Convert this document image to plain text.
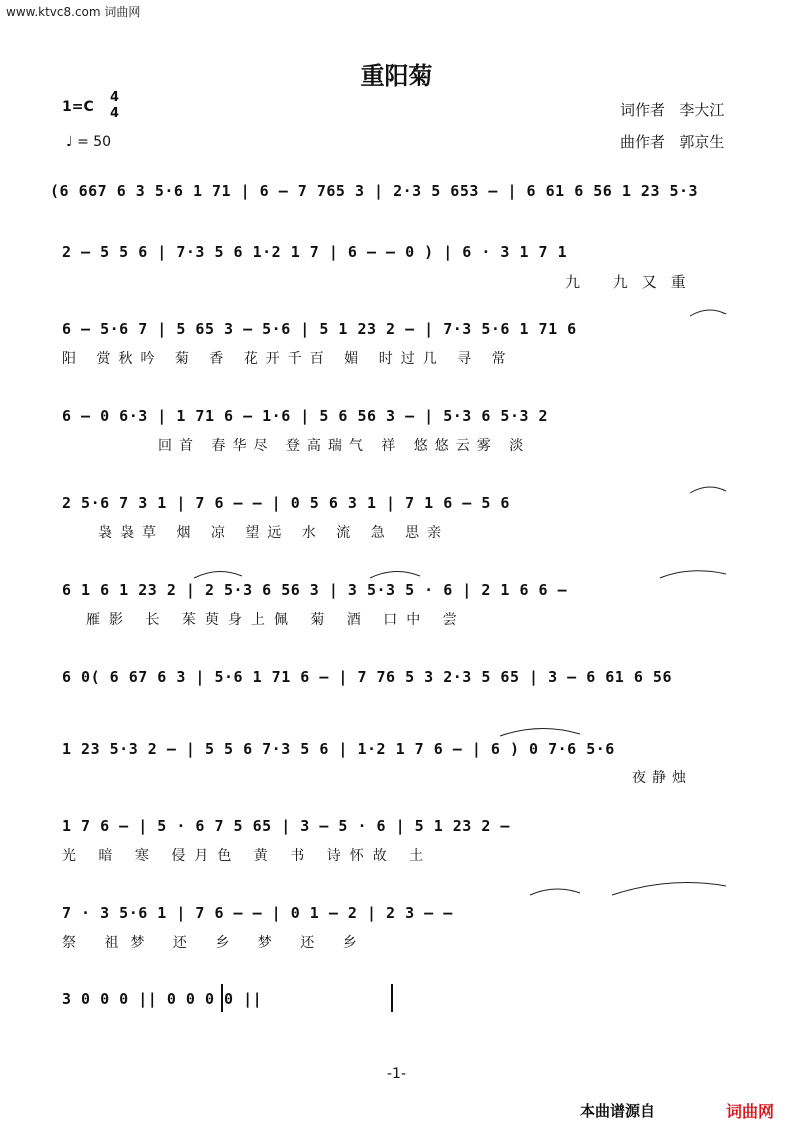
www.ktvc8.com 词曲网
重阳菊
1=C
4
4
♩ = 50
词作者 李大江
曲作者 郭京生
(6 667 6 3 5·6 1 71 | 6 – 7 765 3 | 2·3 5 653 – | 6 61 6 56 1 23 5·3
2 – 5 5 6 | 7·3 5 6 1·2 1 7 | 6 – – 0 ) | 6 · 3 1 7 1
九 九又重
6 – 5·6 7 | 5 65 3 – 5·6 | 5 1 23 2 – | 7·3 5·6 1 71 6
阳 赏秋吟 菊 香 花开千百 媚 时过几 寻 常
6 – 0 6·3 | 1 71 6 – 1·6 | 5 6 56 3 – | 5·3 6 5·3 2
回首 春华尽 登高瑞气 祥 悠悠云雾 淡
2 5·6 7 3 1 | 7 6 – – | 0 5 6 3 1 | 7 1 6 – 5 6
袅袅草 烟 凉 望远 水 流 急 思亲
6 1 6 1 23 2 | 2 5·3 6 56 3 | 3 5·3 5 · 6 | 2 1 6 6 –
雁影 长 茱萸身上佩 菊 酒 口中 尝
6 0( 6 67 6 3 | 5·6 1 71 6 – | 7 76 5 3 2·3 5 65 | 3 – 6 61 6 56
1 23 5·3 2 – | 5 5 6 7·3 5 6 | 1·2 1 7 6 – | 6 ) 0 7·6 5·6
夜静烛
1 7 6 – | 5 · 6 7 5 65 | 3 – 5 · 6 | 5 1 23 2 –
光 暗 寒 侵月色 黄 书 诗怀故 土
7 · 3 5·6 1 | 7 6 – – | 0 1 – 2 | 2 3 – –
祭 祖梦 还 乡 梦 还 乡
3 0 0 0 || 0 0 0 0 ||
-1-
本曲谱源自	词曲网
